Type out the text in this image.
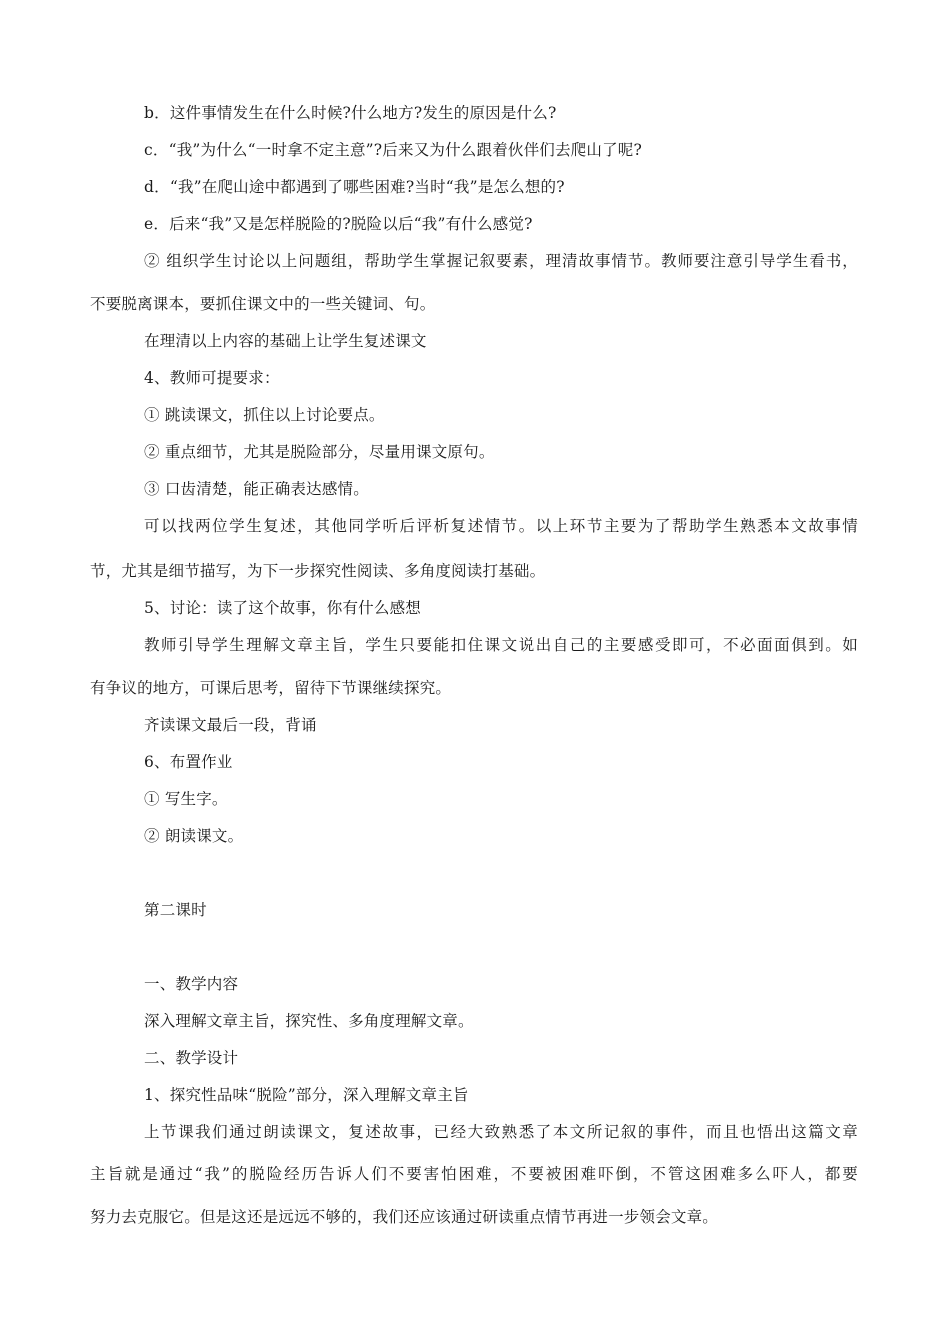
b．这件事情发生在什么时候?什么地方?发生的原因是什么?
c．“我”为什么“一时拿不定主意”?后来又为什么跟着伙伴们去爬山了呢?
d．“我”在爬山途中都遇到了哪些困难?当时“我”是怎么想的?
e．后来“我”又是怎样脱险的?脱险以后“我”有什么感觉?
② 组织学生讨论以上问题组，帮助学生掌握记叙要素，理清故事情节。教师要注意引导学生看书，
不要脱离课本，要抓住课文中的一些关键词、句。
在理清以上内容的基础上让学生复述课文
4、教师可提要求：
① 跳读课文，抓住以上讨论要点。
② 重点细节，尤其是脱险部分，尽量用课文原句。
③ 口齿清楚，能正确表达感情。
可以找两位学生复述，其他同学听后评析复述情节。以上环节主要为了帮助学生熟悉本文故事情
节，尤其是细节描写，为下一步探究性阅读、多角度阅读打基础。
5、讨论：读了这个故事，你有什么感想
教师引导学生理解文章主旨，学生只要能扣住课文说出自己的主要感受即可，不必面面俱到。如
有争议的地方，可课后思考，留待下节课继续探究。
齐读课文最后一段，背诵
6、布置作业
① 写生字。
② 朗读课文。
第二课时
一、教学内容
深入理解文章主旨，探究性、多角度理解文章。
二、教学设计
1、探究性品味“脱险”部分，深入理解文章主旨
上节课我们通过朗读课文，复述故事，已经大致熟悉了本文所记叙的事件，而且也悟出这篇文章
主旨就是通过“我”的脱险经历告诉人们不要害怕困难，不要被困难吓倒，不管这困难多么吓人，都要
努力去克服它。但是这还是远远不够的，我们还应该通过研读重点情节再进一步领会文章。
